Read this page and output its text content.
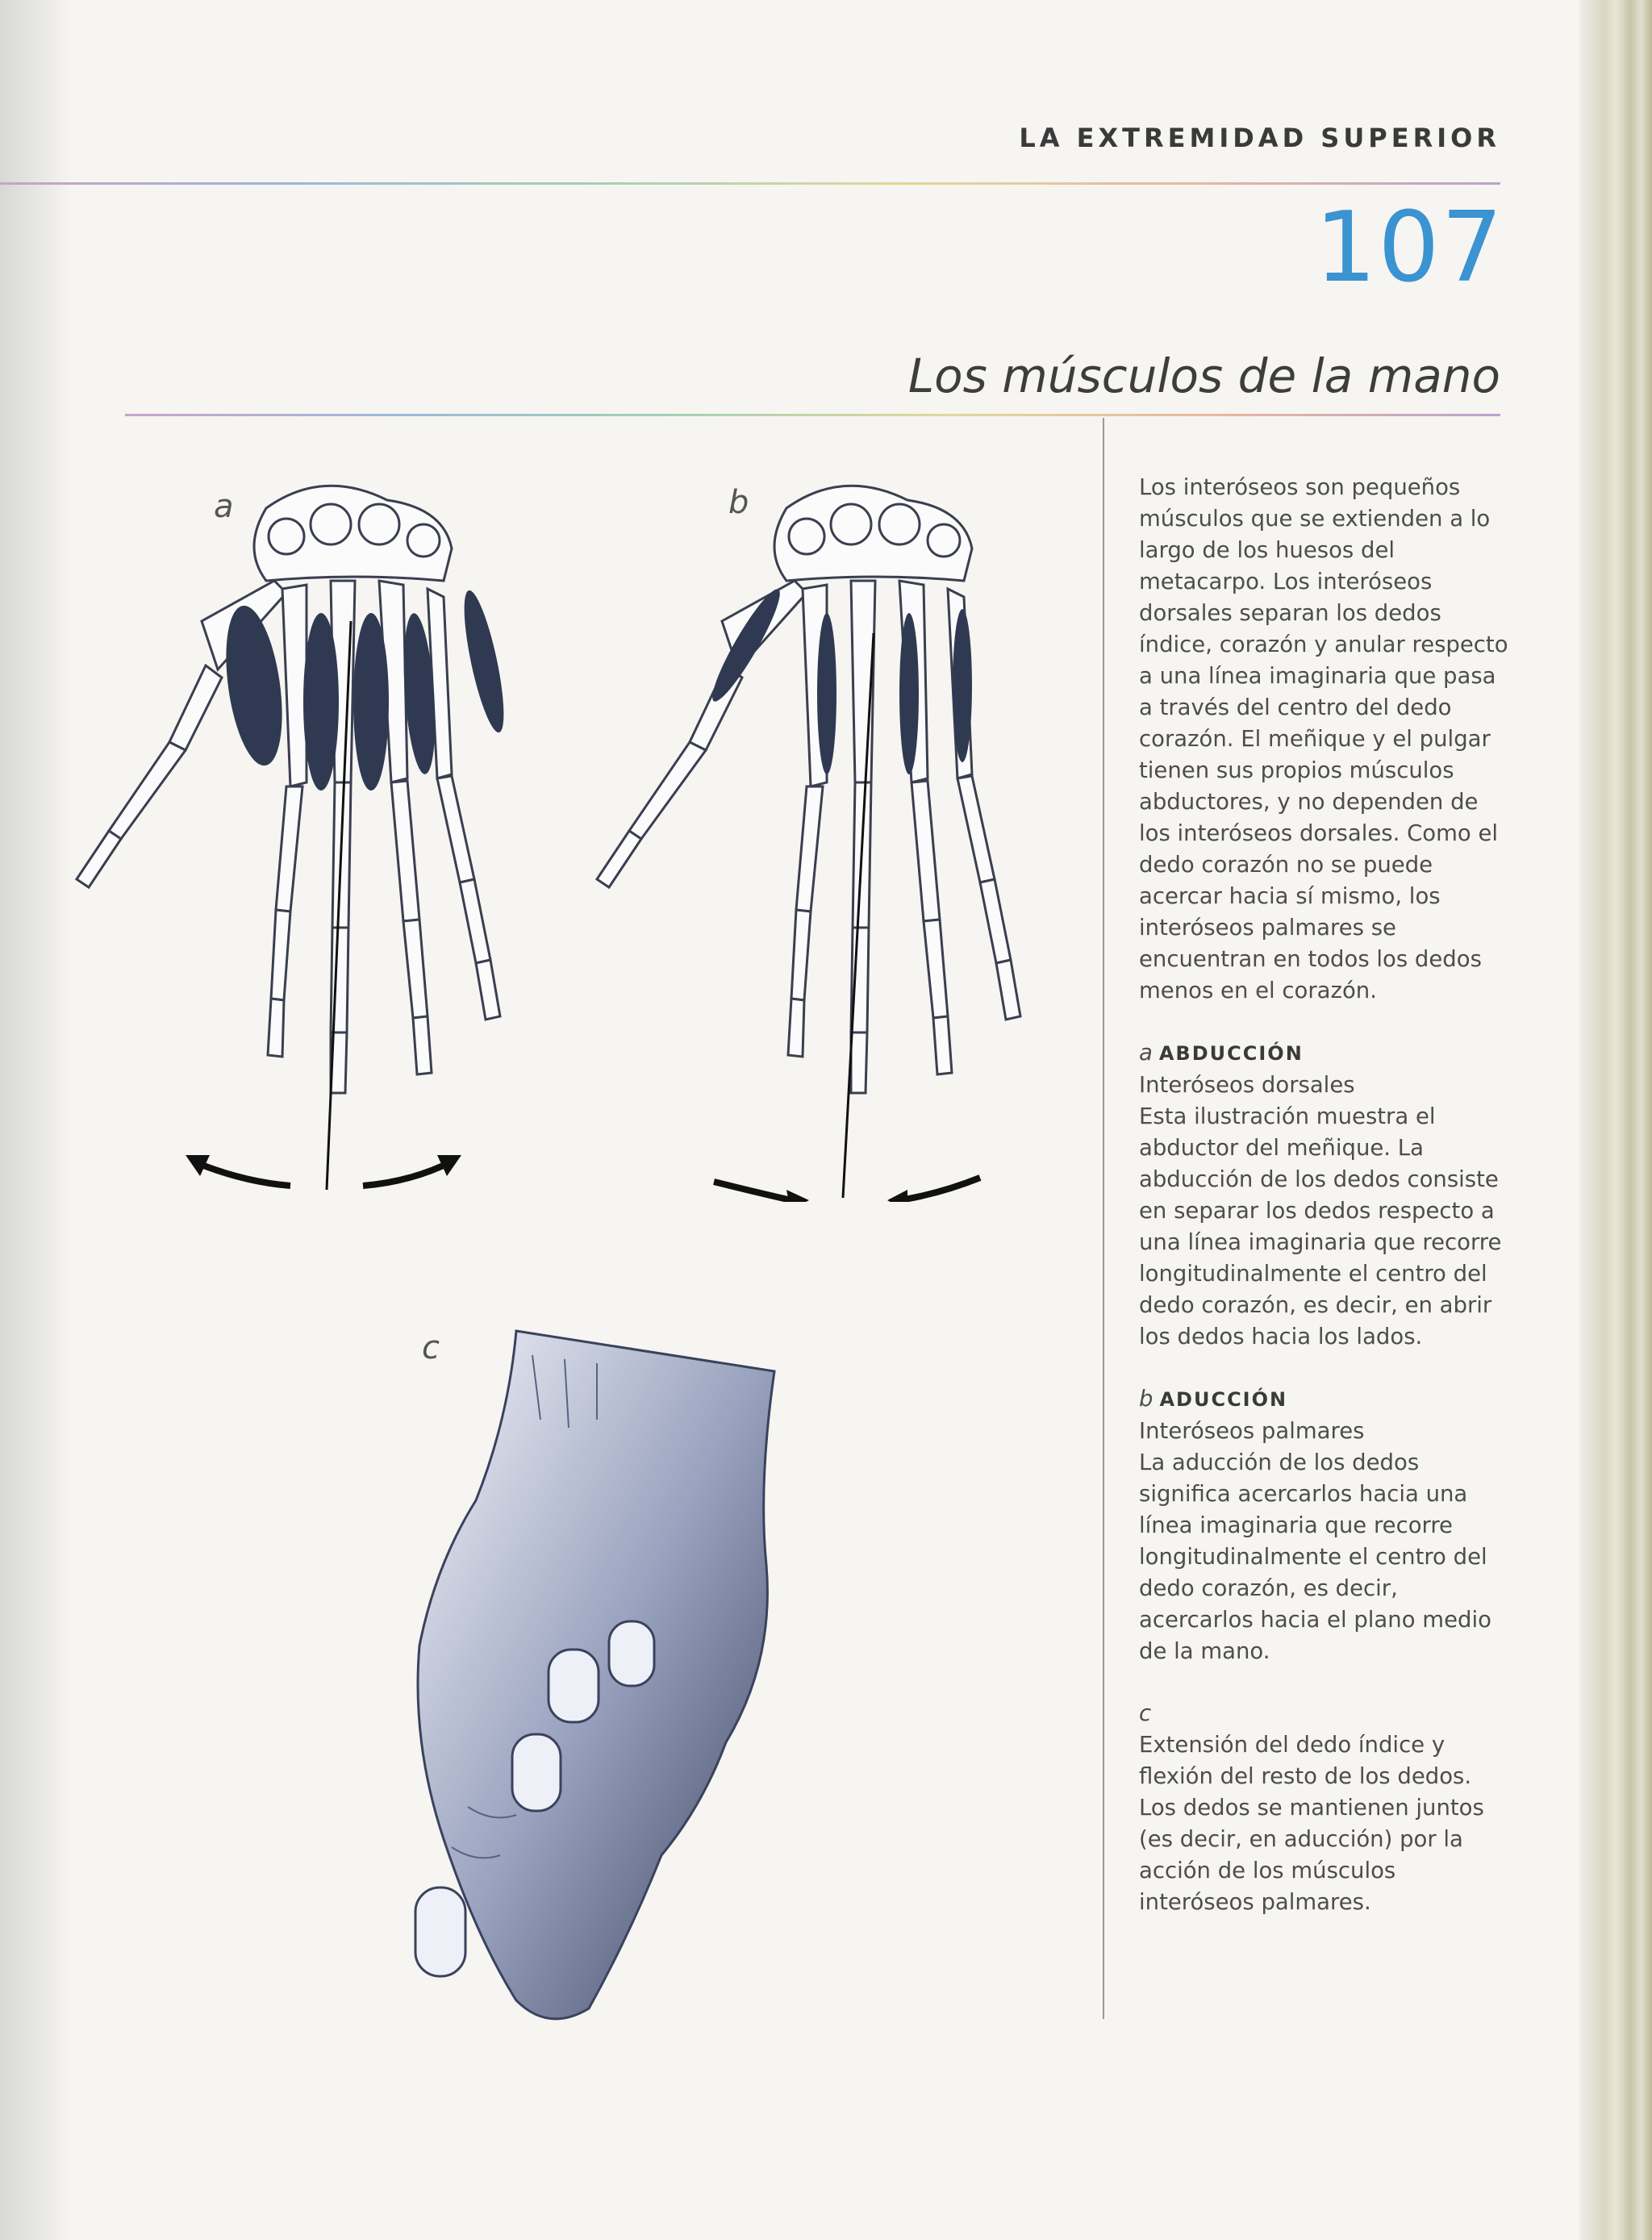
LA EXTREMIDAD SUPERIOR
107
Los músculos de la mano
a	b
c

Los interóseos son pequeños músculos que se extienden a lo largo de los huesos del metacarpo. Los interóseos dorsales separan los dedos índice, corazón y anular respecto a una línea imaginaria que pasa a través del centro del dedo corazón. El meñique y el pulgar tienen sus propios músculos abductores, y no dependen de los interóseos dorsales. Como el dedo corazón no se puede acercar hacia sí mismo, los interóseos palmares se encuentran en todos los dedos menos en el corazón.

a ABDUCCIÓN
Interóseos dorsales
Esta ilustración muestra el abductor del meñique. La abducción de los dedos consiste en separar los dedos respecto a una línea imaginaria que recorre longitudinalmente el centro del dedo corazón, es decir, en abrir los dedos hacia los lados.

b ADUCCIÓN
Interóseos palmares
La aducción de los dedos significa acercarlos hacia una línea imaginaria que recorre longitudinalmente el centro del dedo corazón, es decir, acercarlos hacia el plano medio de la mano.

c
Extensión del dedo índice y flexión del resto de los dedos. Los dedos se mantienen juntos (es decir, en aducción) por la acción de los músculos interóseos palmares.
